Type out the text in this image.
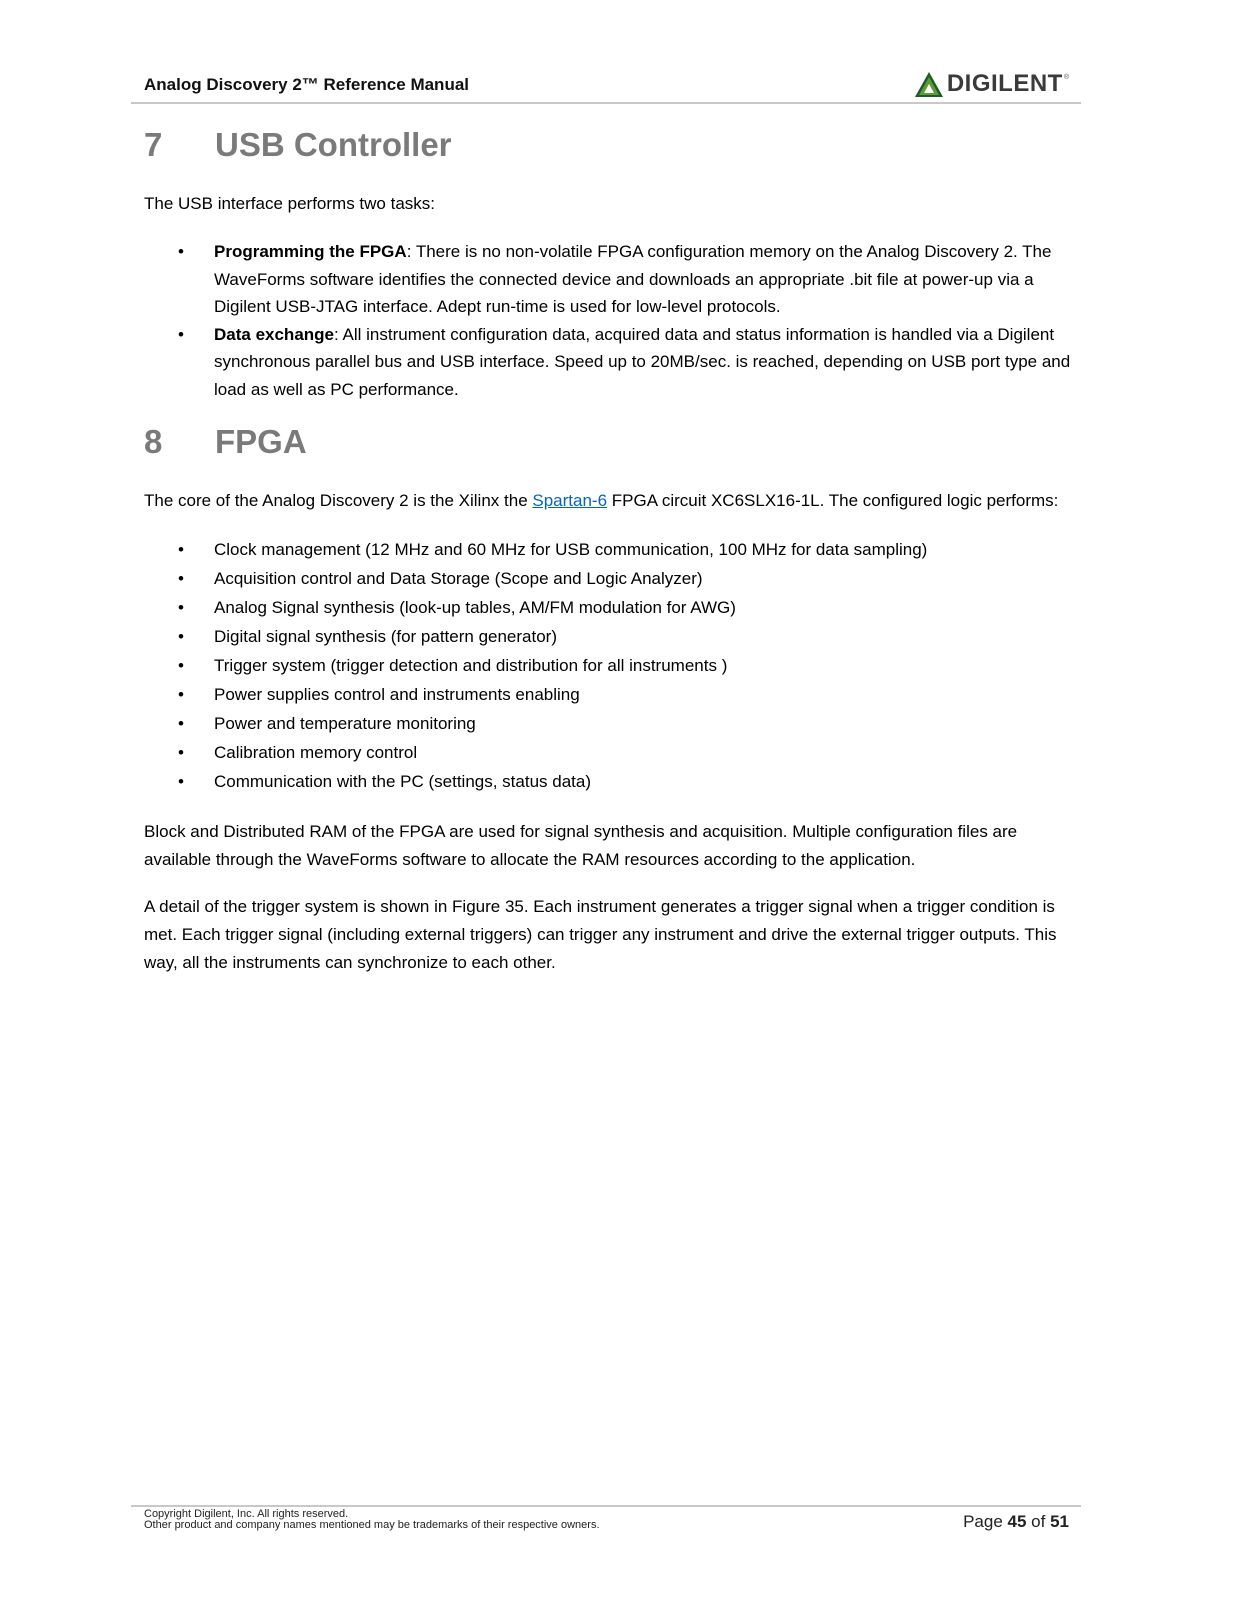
Analog Discovery 2™ Reference Manual	DIGILENT ®
7	USB Controller

The USB interface performs two tasks:

• Programming the FPGA: There is no non-volatile FPGA configuration memory on the Analog Discovery 2. The WaveForms software identifies the connected device and downloads an appropriate .bit file at power-up via a Digilent USB-JTAG interface. Adept run-time is used for low-level protocols.
• Data exchange: All instrument configuration data, acquired data and status information is handled via a Digilent synchronous parallel bus and USB interface. Speed up to 20MB/sec. is reached, depending on USB port type and load as well as PC performance.
8	FPGA

The core of the Analog Discovery 2 is the Xilinx the Spartan-6 FPGA circuit XC6SLX16-1L. The configured logic performs:

• Clock management (12 MHz and 60 MHz for USB communication, 100 MHz for data sampling)
• Acquisition control and Data Storage (Scope and Logic Analyzer)
• Analog Signal synthesis (look-up tables, AM/FM modulation for AWG)
• Digital signal synthesis (for pattern generator)
• Trigger system (trigger detection and distribution for all instruments )
• Power supplies control and instruments enabling
• Power and temperature monitoring
• Calibration memory control
• Communication with the PC (settings, status data)

Block and Distributed RAM of the FPGA are used for signal synthesis and acquisition. Multiple configuration files are available through the WaveForms software to allocate the RAM resources according to the application.

A detail of the trigger system is shown in Figure 35. Each instrument generates a trigger signal when a trigger condition is met. Each trigger signal (including external triggers) can trigger any instrument and drive the external trigger outputs. This way, all the instruments can synchronize to each other.

Copyright Digilent, Inc. All rights reserved.
Other product and company names mentioned may be trademarks of their respective owners.	Page 45 of 51
